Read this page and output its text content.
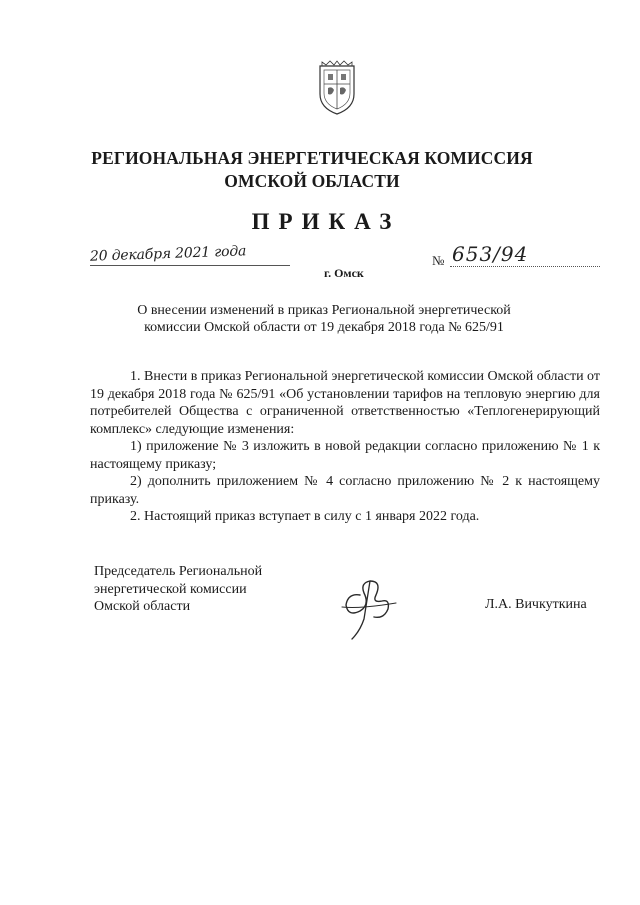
РЕГИОНАЛЬНАЯ ЭНЕРГЕТИЧЕСКАЯ КОМИССИЯ
ОМСКОЙ ОБЛАСТИ
ПРИКАЗ
20 декабря 2021 года
г. Омск
№ 653/94
О внесении изменений в приказ Региональной энергетической
комиссии Омской области от 19 декабря 2018 года № 625/91

1. Внести в приказ Региональной энергетической комиссии Омской области от 19 декабря 2018 года № 625/91 «Об установлении тарифов на тепловую энергию для потребителей Общества с ограниченной ответственностью «Теплогенерирующий комплекс» следующие изменения:

1) приложение № 3 изложить в новой редакции согласно приложению № 1 к настоящему приказу;

2) дополнить приложением № 4 согласно приложению № 2 к настоящему приказу.

2. Настоящий приказ вступает в силу с 1 января 2022 года.

Председатель Региональной
энергетической комиссии
Омской области	Л.А. Вичкуткина
